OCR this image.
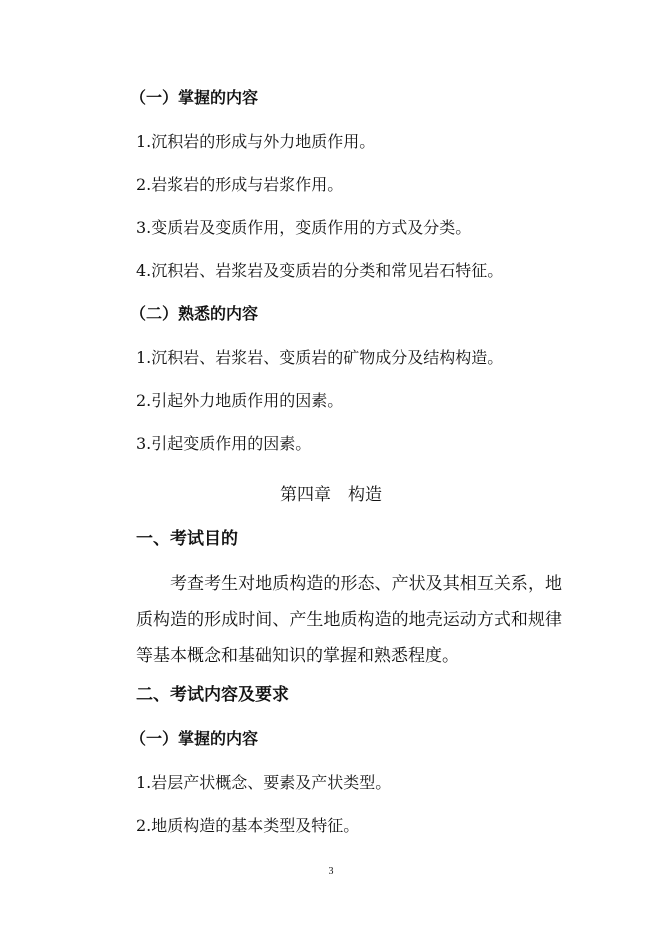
（一）掌握的内容
1.沉积岩的形成与外力地质作用。
2.岩浆岩的形成与岩浆作用。
3.变质岩及变质作用，变质作用的方式及分类。
4.沉积岩、岩浆岩及变质岩的分类和常见岩石特征。
（二）熟悉的内容
1.沉积岩、岩浆岩、变质岩的矿物成分及结构构造。
2.引起外力地质作用的因素。
3.引起变质作用的因素。
第四章　构造
一、考试目的
考查考生对地质构造的形态、产状及其相互关系，地质构造的形成时间、产生地质构造的地壳运动方式和规律等基本概念和基础知识的掌握和熟悉程度。
二、考试内容及要求
（一）掌握的内容
1.岩层产状概念、要素及产状类型。
2.地质构造的基本类型及特征。
3
